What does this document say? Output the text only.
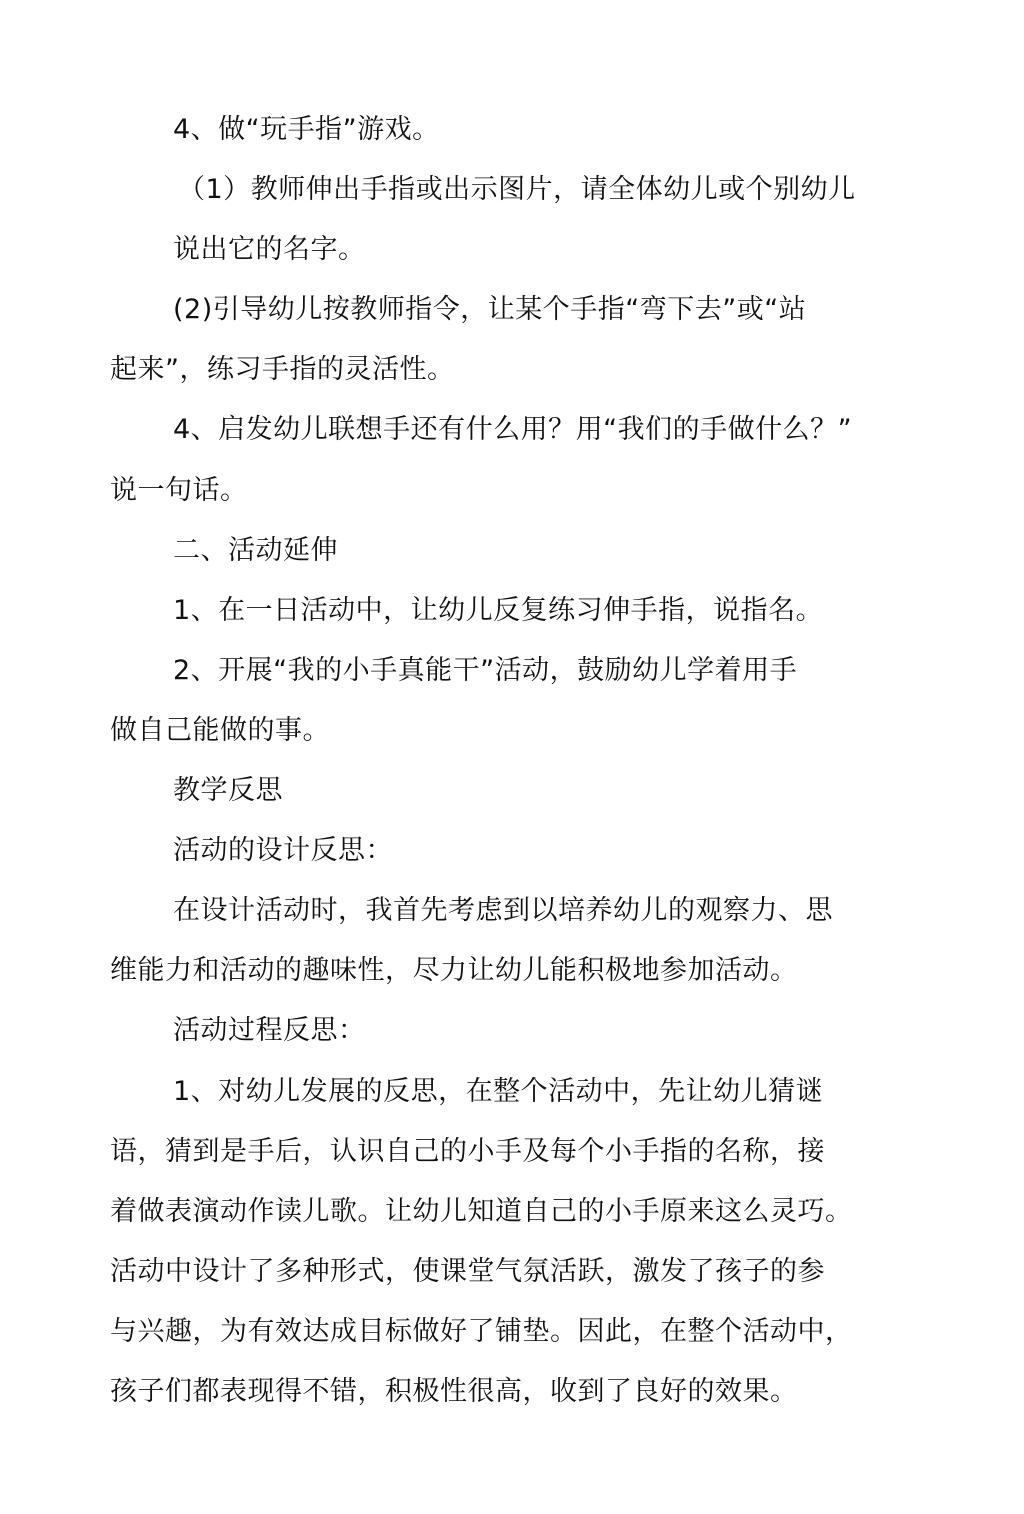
4、做“玩手指”游戏。
（1）教师伸出手指或出示图片，请全体幼儿或个别幼儿
说出它的名字。
(2)引导幼儿按教师指令，让某个手指“弯下去”或“站
起来”，练习手指的灵活性。
4、启发幼儿联想手还有什么用？用“我们的手做什么？”
说一句话。
二、活动延伸
1、在一日活动中，让幼儿反复练习伸手指，说指名。
2、开展“我的小手真能干”活动，鼓励幼儿学着用手
做自己能做的事。
教学反思
活动的设计反思：
在设计活动时，我首先考虑到以培养幼儿的观察力、思
维能力和活动的趣味性，尽力让幼儿能积极地参加活动。
活动过程反思：
1、对幼儿发展的反思，在整个活动中，先让幼儿猜谜
语，猜到是手后，认识自己的小手及每个小手指的名称，接
着做表演动作读儿歌。让幼儿知道自己的小手原来这么灵巧。
活动中设计了多种形式，使课堂气氛活跃，激发了孩子的参
与兴趣，为有效达成目标做好了铺垫。因此，在整个活动中，
孩子们都表现得不错，积极性很高，收到了良好的效果。
